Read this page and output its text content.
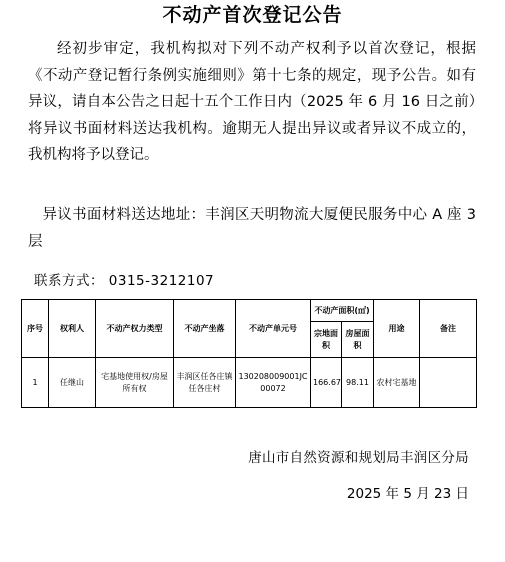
不动产首次登记公告

经初步审定，我机构拟对下列不动产权利予以首次登记，根据《不动产登记暂行条例实施细则》第十七条的规定，现予公告。如有异议，请自本公告之日起十五个工作日内（2025 年 6 月 16 日之前）将异议书面材料送达我机构。逾期无人提出异议或者异议不成立的，我机构将予以登记。

异议书面材料送达地址：丰润区天明物流大厦便民服务中心 A 座 3 层

联系方式： 0315-3212107
序号	权利人	不动产权力类型	不动产坐落	不动产单元号	不动产面积(㎡)		用途	备注
					宗地面积	房屋面积		
1	任继山	宅基地使用权/房屋所有权	丰润区任各庄镇任各庄村	130208009001JC00072	166.67	98.11	农村宅基地	
唐山市自然资源和规划局丰润区分局
2025 年 5 月 23 日
